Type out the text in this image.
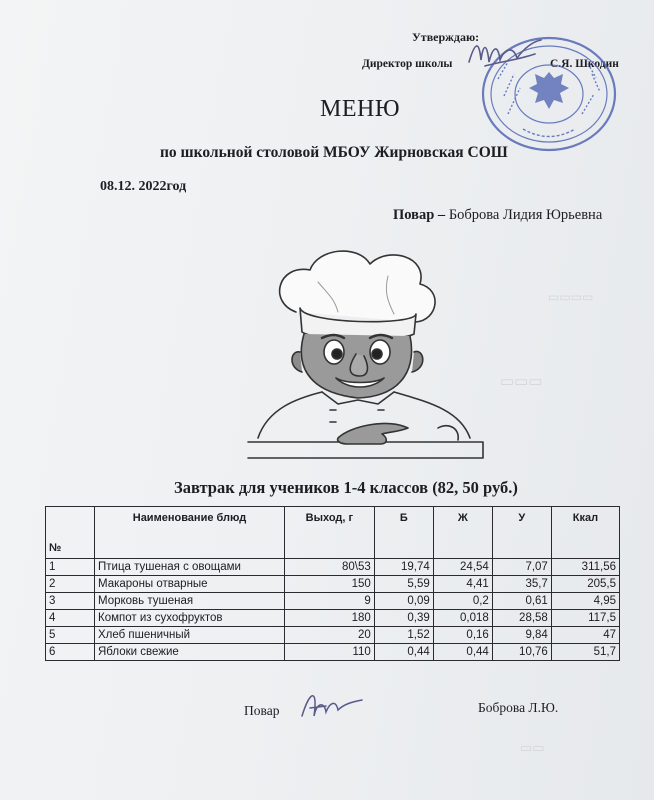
▭▭▭▭
▭▭▭
▭▭
Утверждаю:
Директор школы	С.Я. Шкодин
МЕНЮ
по школьной столовой МБОУ Жирновская СОШ
08.12. 2022год
Повар – Боброва Лидия Юрьевна
Завтрак для учеников 1-4 классов (82, 50 руб.)
№	Наименование блюд	Выход, г	Б	Ж	У	Ккал
1	Птица тушеная с овощами	80\53	19,74	24,54	7,07	311,56
2	Макароны отварные	150	5,59	4,41	35,7	205,5
3	Морковь тушеная	9	0,09	0,2	0,61	4,95
4	Компот из сухофруктов	180	0,39	0,018	28,58	117,5
5	Хлеб пшеничный	20	1,52	0,16	9,84	47
6	Яблоки свежие	110	0,44	0,44	10,76	51,7
Повар	Боброва Л.Ю.
